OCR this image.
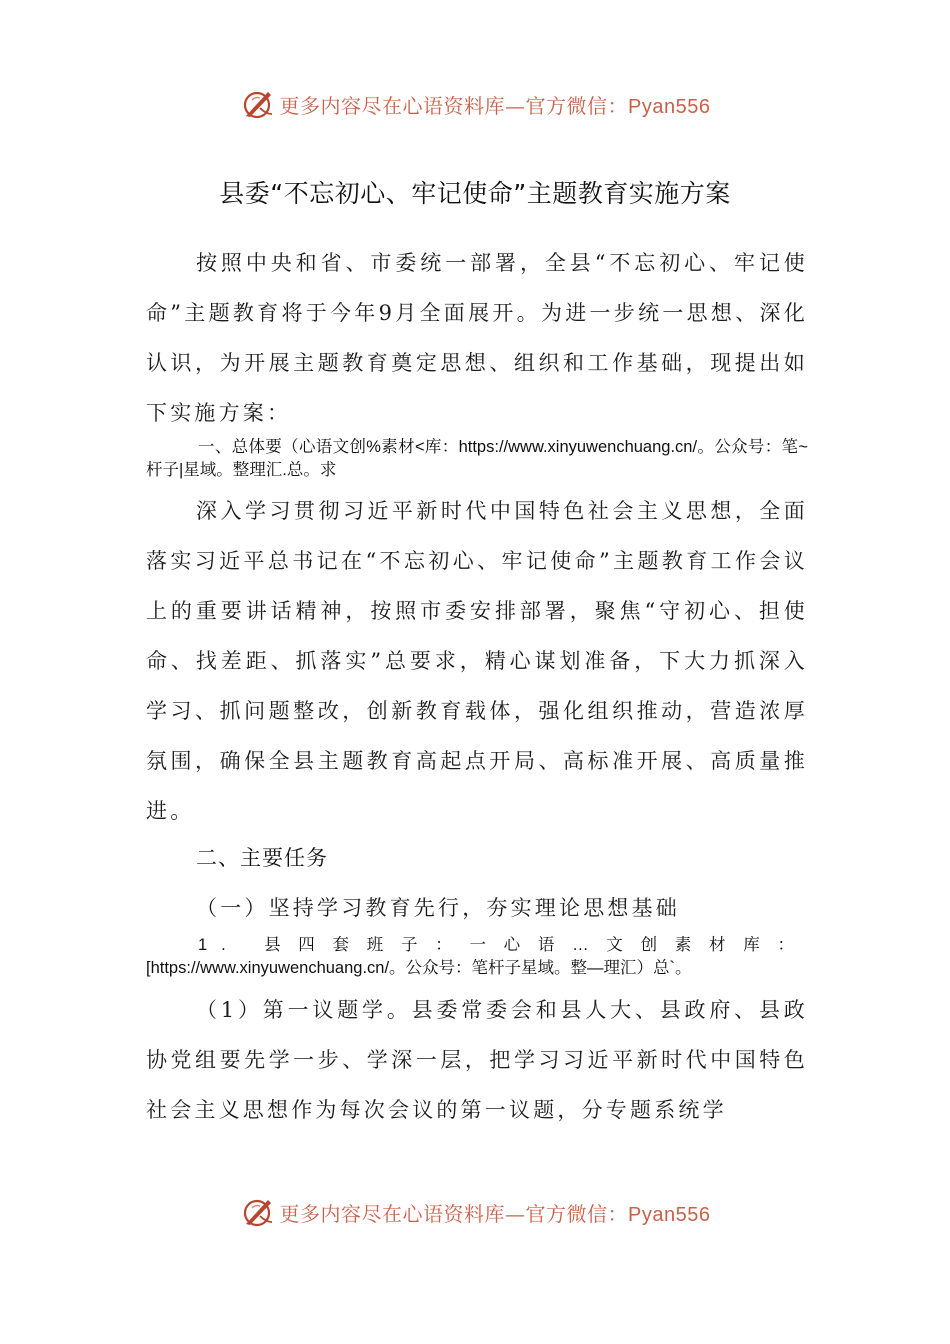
更多内容尽在心语资料库—官方微信：Pyan556
县委“不忘初心、牢记使命”主题教育实施方案

按照中央和省、市委统一部署，全县“不忘初心、牢记使命”主题教育将于今年9月全面展开。为进一步统一思想、深化认识，为开展主题教育奠定思想、组织和工作基础，现提出如下实施方案：

一、总体要（心语文创%素材<库：https://www.xinyuwenchuang.cn/。公众号：笔~杆子|星域。整理汇.总。求

深入学习贯彻习近平新时代中国特色社会主义思想，全面落实习近平总书记在“不忘初心、牢记使命”主题教育工作会议上的重要讲话精神，按照市委安排部署，聚焦“守初心、担使命、找差距、抓落实”总要求，精心谋划准备，下大力抓深入学习、抓问题整改，创新教育载体，强化组织推动，营造浓厚氛围，确保全县主题教育高起点开局、高标准开展、高质量推进。

二、主要任务

（一）坚持学习教育先行，夯实理论思想基础

1. 县四套班子：一心语…文创素材库：[https://www.xinyuwenchuang.cn/。公众号：笔杆子星域。整—理汇）总`。

（1）第一议题学。县委常委会和县人大、县政府、县政协党组要先学一步、学深一层，把学习习近平新时代中国特色社会主义思想作为每次会议的第一议题，分专题系统学

更多内容尽在心语资料库—官方微信：Pyan556
